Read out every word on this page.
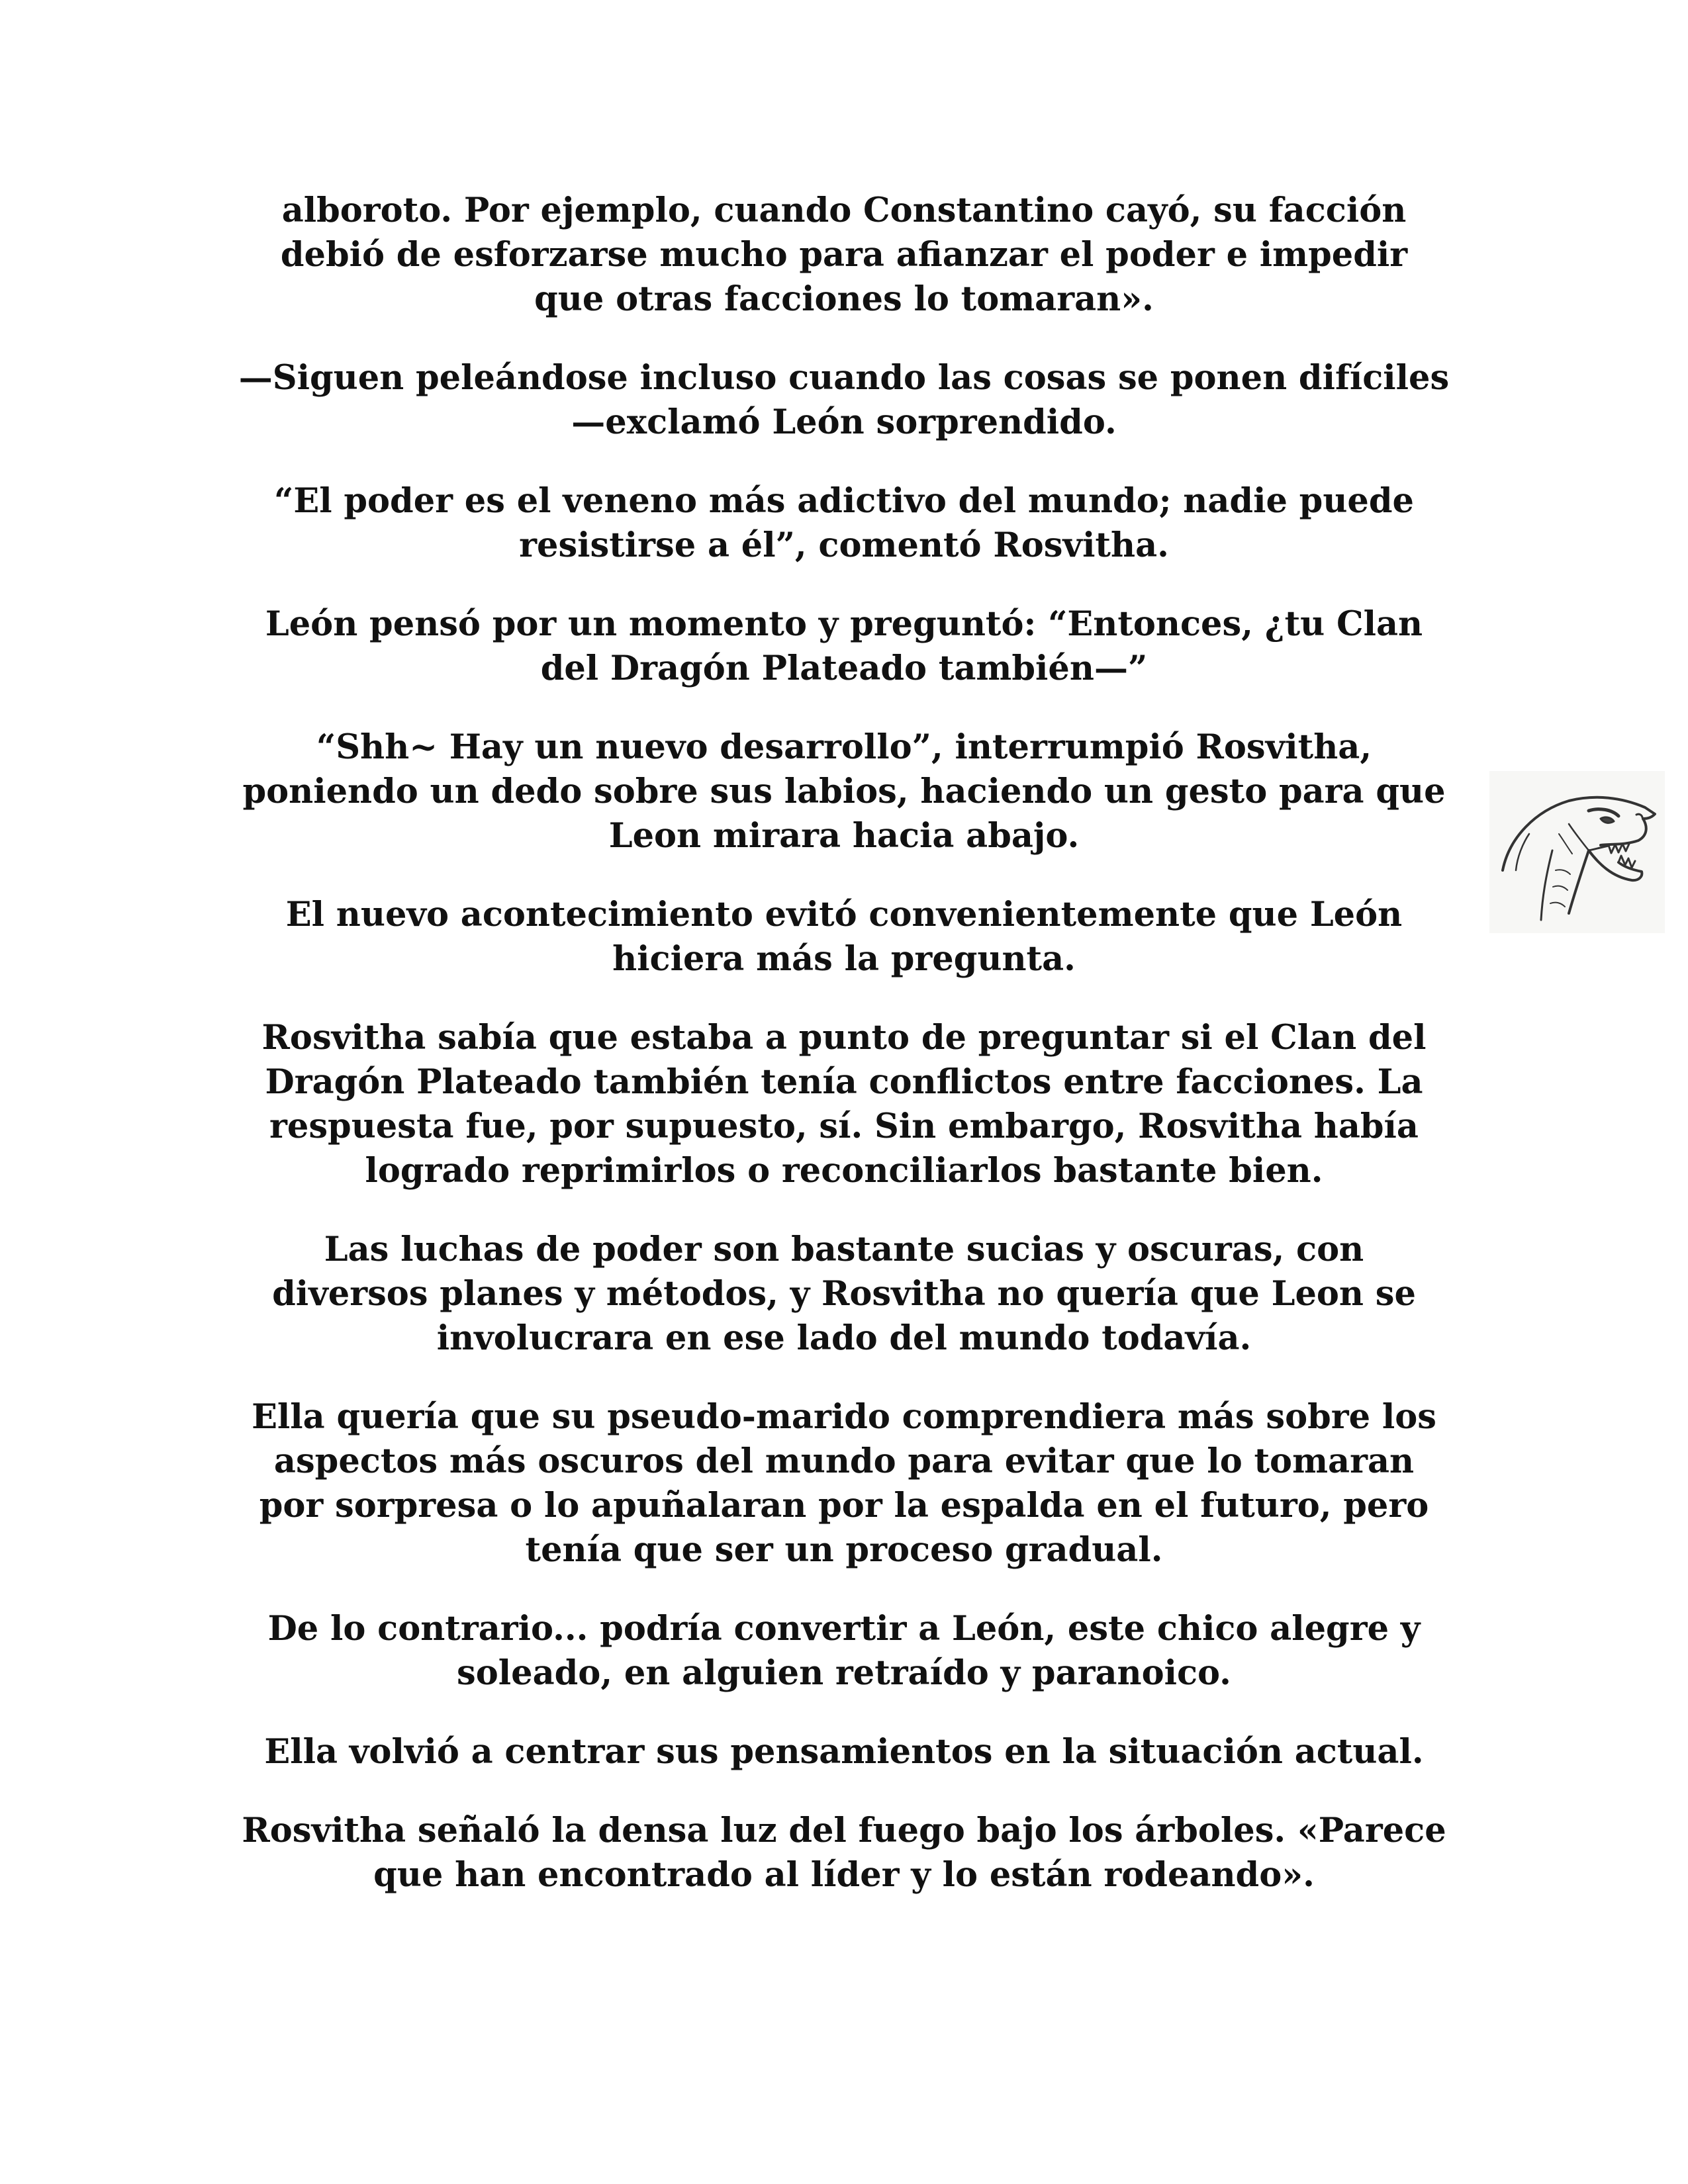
alboroto. Por ejemplo, cuando Constantino cayó, su facción
debió de esforzarse mucho para afianzar el poder e impedir
que otras facciones lo tomaran».

—Siguen peleándose incluso cuando las cosas se ponen difíciles
—exclamó León sorprendido.

“El poder es el veneno más adictivo del mundo; nadie puede
resistirse a él”, comentó Rosvitha.

León pensó por un momento y preguntó: “Entonces, ¿tu Clan
del Dragón Plateado también—”

“Shh~ Hay un nuevo desarrollo”, interrumpió Rosvitha,
poniendo un dedo sobre sus labios, haciendo un gesto para que
Leon mirara hacia abajo.

El nuevo acontecimiento evitó convenientemente que León
hiciera más la pregunta.

Rosvitha sabía que estaba a punto de preguntar si el Clan del
Dragón Plateado también tenía conflictos entre facciones. La
respuesta fue, por supuesto, sí. Sin embargo, Rosvitha había
logrado reprimirlos o reconciliarlos bastante bien.

Las luchas de poder son bastante sucias y oscuras, con
diversos planes y métodos, y Rosvitha no quería que Leon se
involucrara en ese lado del mundo todavía.

Ella quería que su pseudo-marido comprendiera más sobre los
aspectos más oscuros del mundo para evitar que lo tomaran
por sorpresa o lo apuñalaran por la espalda en el futuro, pero
tenía que ser un proceso gradual.

De lo contrario... podría convertir a León, este chico alegre y
soleado, en alguien retraído y paranoico.

Ella volvió a centrar sus pensamientos en la situación actual.

Rosvitha señaló la densa luz del fuego bajo los árboles. «Parece
que han encontrado al líder y lo están rodeando».
